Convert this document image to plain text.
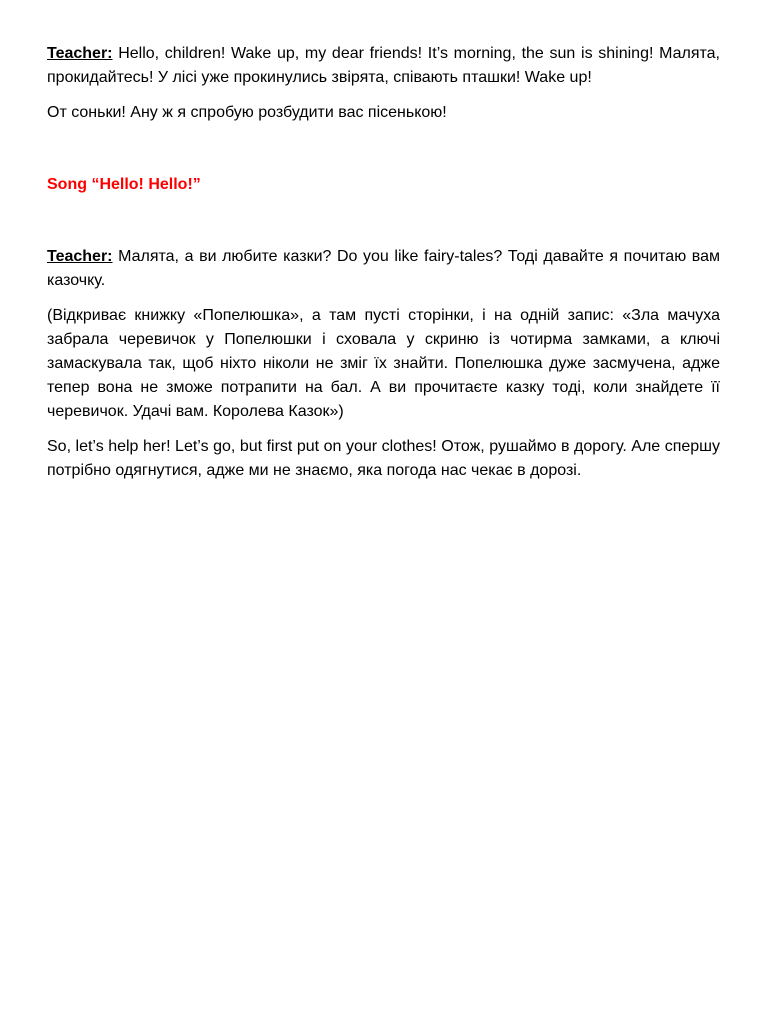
Teacher: Hello, children! Wake up, my dear friends! It’s morning, the sun is shining! Малята, прокидайтесь! У лісі уже прокинулись звірята, співають пташки! Wake up!

От соньки! Ану ж я спробую розбудити вас пісенькою!

Song “Hello! Hello!”

Teacher: Малята, а ви любите казки? Do you like fairy-tales? Тоді давайте я почитаю вам казочку.

(Відкриває книжку «Попелюшка», а там пусті сторінки, і на одній запис: «Зла мачуха забрала черевичок у Попелюшки і сховала у скриню із чотирма замками, а ключі замаскувала так, щоб ніхто ніколи не зміг їх знайти. Попелюшка дуже засмучена, адже тепер вона не зможе потрапити на бал. А ви прочитаєте казку тоді, коли знайдете її черевичок. Удачі вам. Королева Казок»)

So, let’s help her! Let’s go, but first put on your clothes! Отож, рушаймо в дорогу. Але спершу потрібно одягнутися, адже ми не знаємо, яка погода нас чекає в дорозі.
